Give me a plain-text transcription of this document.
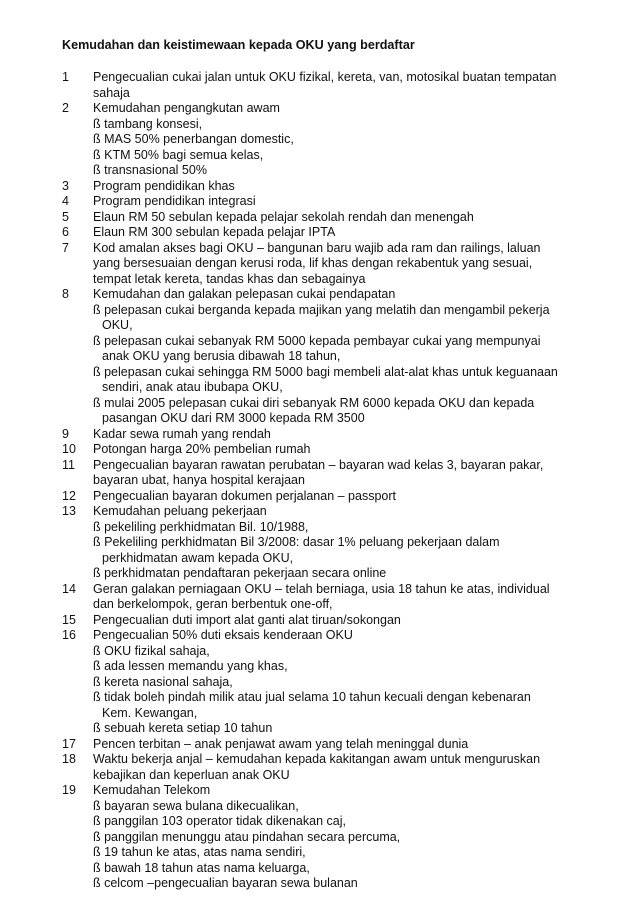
Kemudahan dan keistimewaan kepada OKU yang berdaftar
1	Pengecualian cukai jalan untuk OKU fizikal, kereta, van, motosikal buatan tempatan
sahaja
2	Kemudahan pengangkutan awam
ß tambang konsesi,
ß MAS 50% penerbangan domestic,
ß KTM 50% bagi semua kelas,
ß transnasional 50%
3	Program pendidikan khas
4	Program pendidikan integrasi
5	Elaun RM 50 sebulan kepada pelajar sekolah rendah dan menengah
6	Elaun RM 300 sebulan kepada pelajar IPTA
7	Kod amalan akses bagi OKU – bangunan baru wajib ada ram dan railings, laluan
yang bersesuaian dengan kerusi roda, lif khas dengan rekabentuk yang sesuai,
tempat letak kereta, tandas khas dan sebagainya
8	Kemudahan dan galakan pelepasan cukai pendapatan
ß pelepasan cukai berganda kepada majikan yang melatih dan mengambil pekerja
OKU,
ß pelepasan cukai sebanyak RM 5000 kepada pembayar cukai yang mempunyai
anak OKU yang berusia dibawah 18 tahun,
ß pelepasan cukai sehingga RM 5000 bagi membeli alat-alat khas untuk keguanaan
sendiri, anak atau ibubapa OKU,
ß mulai 2005 pelepasan cukai diri sebanyak RM 6000 kepada OKU dan kepada
pasangan OKU dari RM 3000 kepada RM 3500
9	Kadar sewa rumah yang rendah
10	Potongan harga 20% pembelian rumah
11	Pengecualian bayaran rawatan perubatan – bayaran wad kelas 3, bayaran pakar,
bayaran ubat, hanya hospital kerajaan
12	Pengecualian bayaran dokumen perjalanan – passport
13	Kemudahan peluang pekerjaan
ß pekeliling perkhidmatan Bil. 10/1988,
ß Pekeliling perkhidmatan Bil 3/2008: dasar 1% peluang pekerjaan dalam
perkhidmatan awam kepada OKU,
ß perkhidmatan pendaftaran pekerjaan secara online
14	Geran galakan perniagaan OKU – telah berniaga, usia 18 tahun ke atas, individual
dan berkelompok, geran berbentuk one-off,
15	Pengecualian duti import alat ganti alat tiruan/sokongan
16	Pengecualian 50% duti eksais kenderaan OKU
ß OKU fizikal sahaja,
ß ada lessen memandu yang khas,
ß kereta nasional sahaja,
ß tidak boleh pindah milik atau jual selama 10 tahun kecuali dengan kebenaran
Kem. Kewangan,
ß sebuah kereta setiap 10 tahun
17	Pencen terbitan – anak penjawat awam yang telah meninggal dunia
18	Waktu bekerja anjal – kemudahan kepada kakitangan awam untuk menguruskan
kebajikan dan keperluan anak OKU
19	Kemudahan Telekom
ß bayaran sewa bulana dikecualikan,
ß panggilan 103 operator tidak dikenakan caj,
ß panggilan menunggu atau pindahan secara percuma,
ß 19 tahun ke atas, atas nama sendiri,
ß bawah 18 tahun atas nama keluarga,
ß celcom –pengecualian bayaran sewa bulanan
